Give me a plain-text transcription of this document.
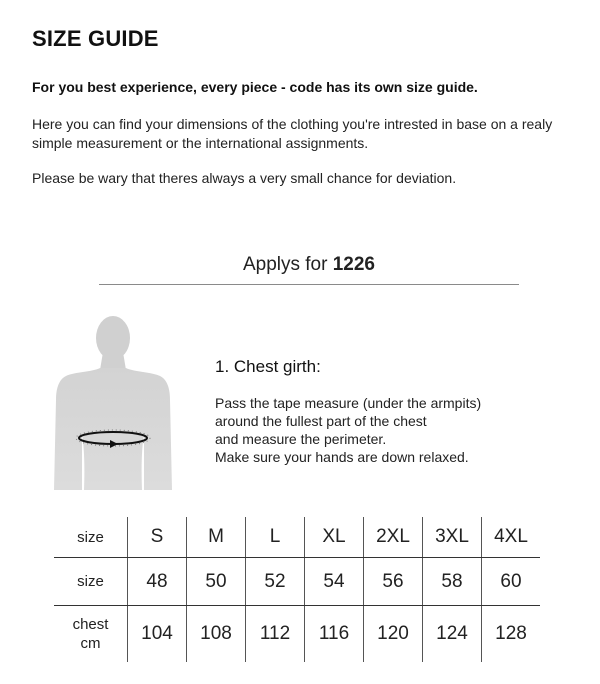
SIZE GUIDE
For you best experience, every piece - code has its own size guide.
Here you can find your dimensions of the clothing you're intrested in base on a realy simple measurement or the international assignments.
Please be wary that theres always a very small chance for deviation.
Applys for 1226
1. Chest girth:
Pass the tape measure (under the armpits)
around the fullest part of the chest
and measure the perimeter.
Make sure your hands are down relaxed.
size	S	M	L	XL	2XL	3XL	4XL
size	48	50	52	54	56	58	60

chest
cm	104	108	112	116	120	124	128
